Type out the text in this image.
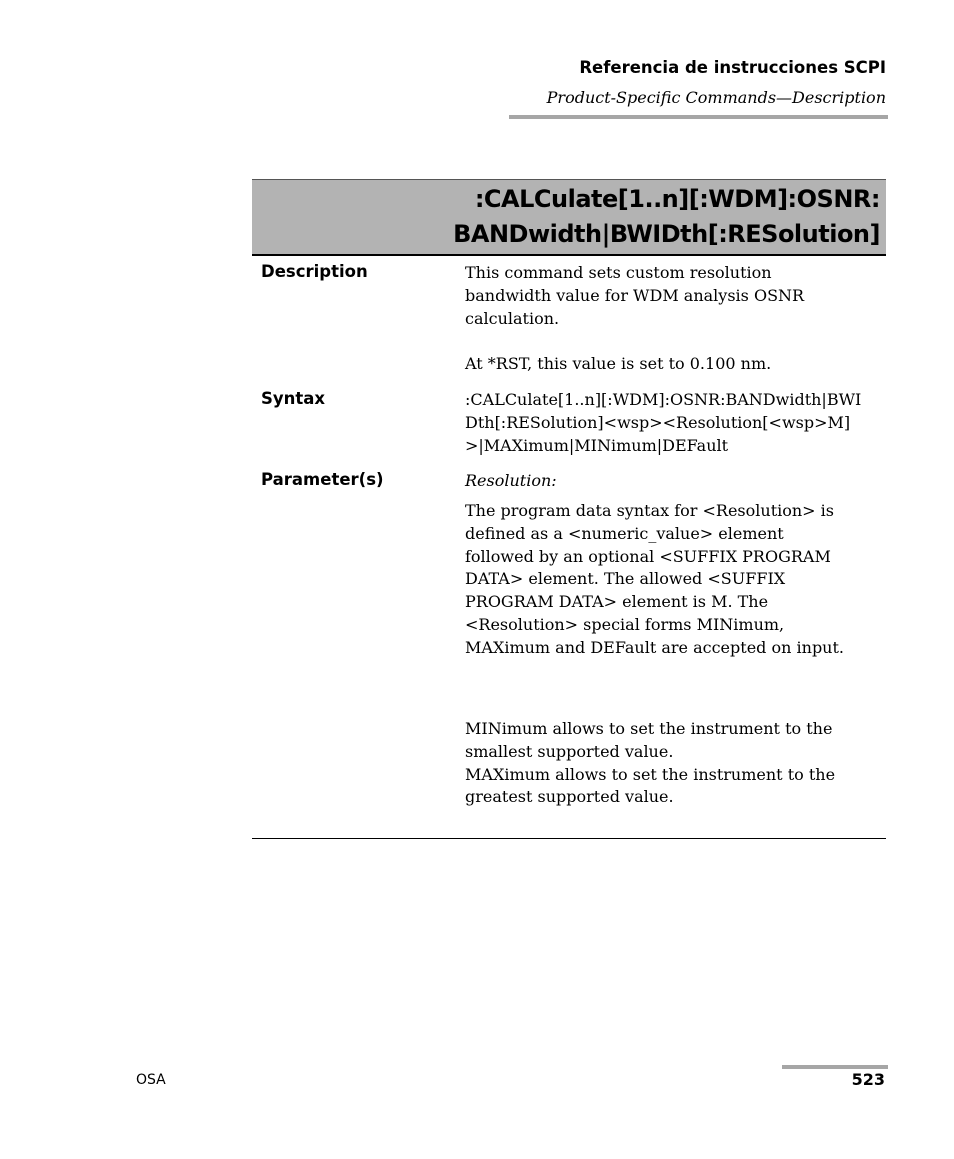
Referencia de instrucciones SCPI
Product-Specific Commands—Description
:CALCulate[1..n][:WDM]:OSNR:
BANDwidth|BWIDth[:RESolution]
Description	This command sets custom resolution
bandwidth value for WDM analysis OSNR
calculation.
At *RST, this value is set to 0.100 nm.
Syntax	:CALCulate[1..n][:WDM]:OSNR:BANDwidth|BWI
Dth[:RESolution]<wsp><Resolution[<wsp>M]
>|MAXimum|MINimum|DEFault
Parameter(s)	Resolution:
The program data syntax for <Resolution> is
defined as a <numeric_value> element
followed by an optional <SUFFIX PROGRAM
DATA> element. The allowed <SUFFIX
PROGRAM DATA> element is M. The
<Resolution> special forms MINimum,
MAXimum and DEFault are accepted on input.
MINimum allows to set the instrument to the
smallest supported value.
MAXimum allows to set the instrument to the
greatest supported value.
OSA	523
